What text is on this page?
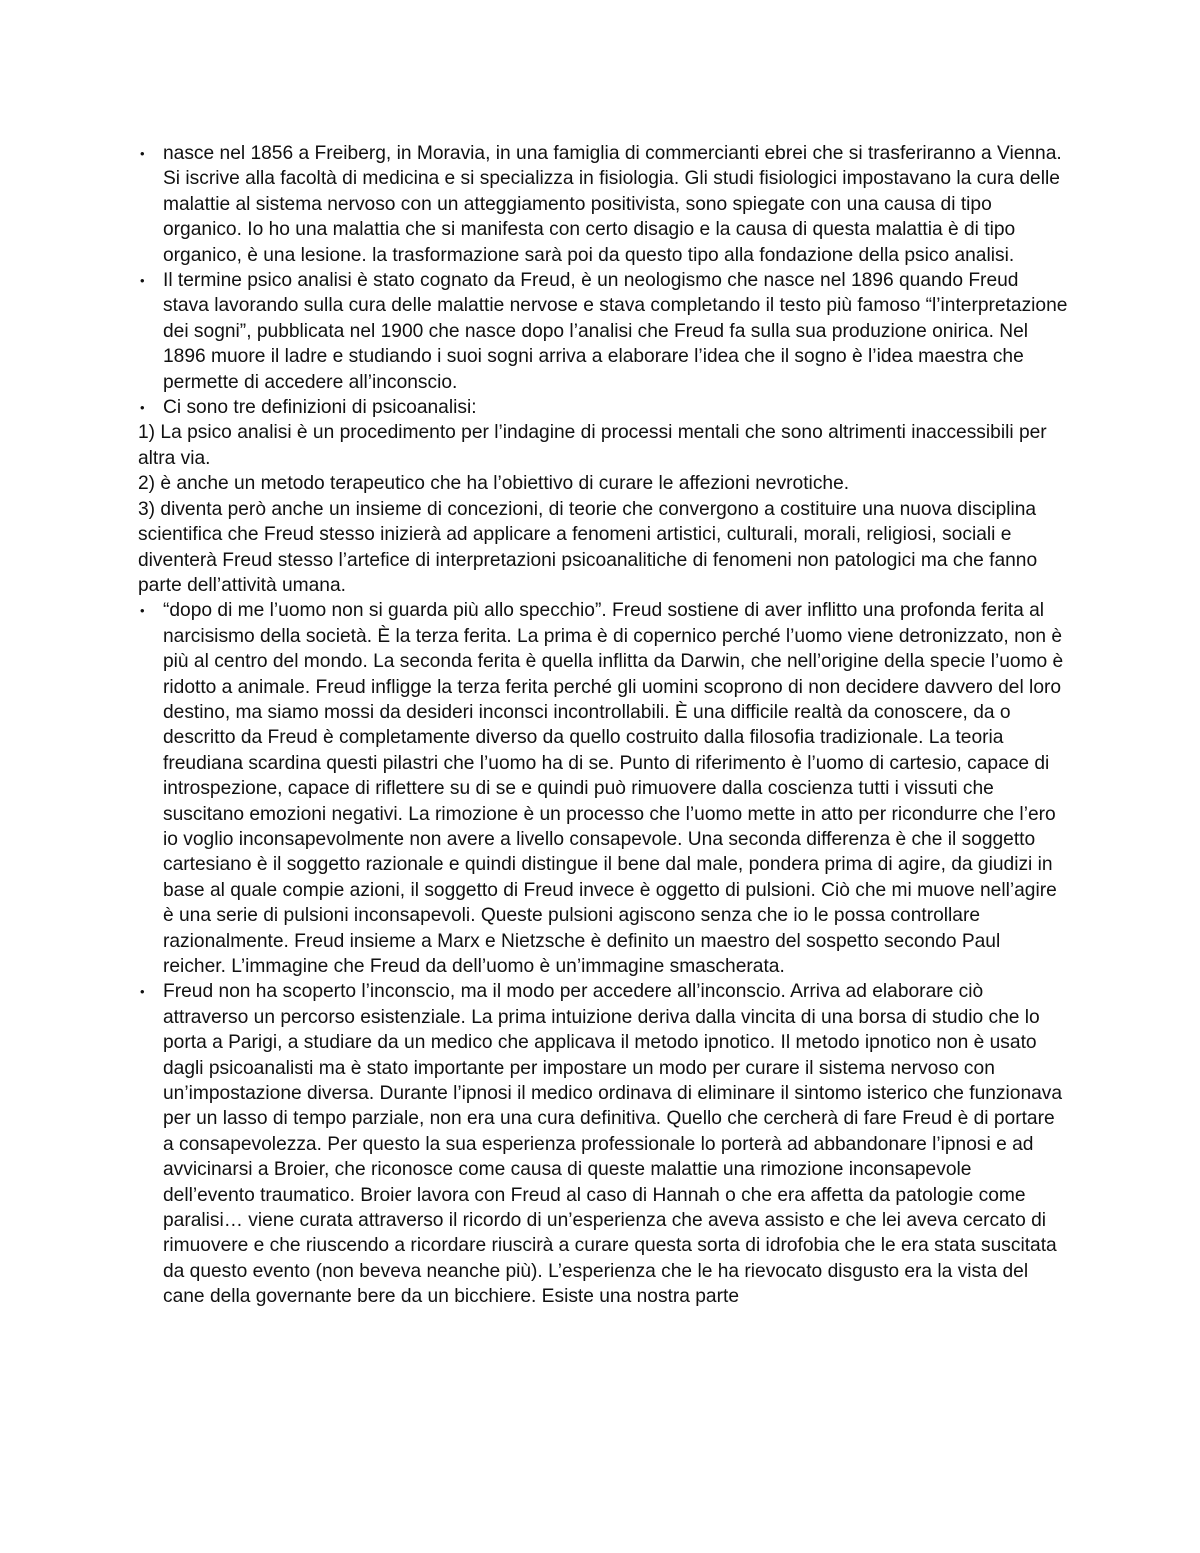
• nasce nel 1856 a Freiberg, in Moravia, in una famiglia di commercianti ebrei che si trasferiranno a Vienna. Si iscrive alla facoltà di medicina e si specializza in fisiologia. Gli studi fisiologici impostavano la cura delle malattie al sistema nervoso con un atteggiamento positivista, sono spiegate con una causa di tipo organico. Io ho una malattia che si manifesta con certo disagio e la causa di questa malattia è di tipo organico, è una lesione. la trasformazione sarà poi da questo tipo alla fondazione della psico analisi.
• Il termine psico analisi è stato cognato da Freud, è un neologismo che nasce nel 1896 quando Freud stava lavorando sulla cura delle malattie nervose e stava completando il testo più famoso “l’interpretazione dei sogni”, pubblicata nel 1900 che nasce dopo l’analisi che Freud fa sulla sua produzione onirica. Nel 1896 muore il ladre e studiando i suoi sogni arriva a elaborare l’idea che il sogno è l’idea maestra che permette di accedere all’inconscio.
• Ci sono tre definizioni di psicoanalisi:

1) La psico analisi è un procedimento per l’indagine di processi mentali che sono altrimenti inaccessibili per altra via.

2) è anche un metodo terapeutico che ha l’obiettivo di curare le affezioni nevrotiche.

3) diventa però anche un insieme di concezioni, di teorie che convergono a costituire una nuova disciplina scientifica che Freud stesso inizierà ad applicare a fenomeni artistici, culturali, morali, religiosi, sociali e diventerà Freud stesso l’artefice di interpretazioni psicoanalitiche di fenomeni non patologici ma che fanno parte dell’attività umana.

• “dopo di me l’uomo non si guarda più allo specchio”. Freud sostiene di aver inflitto una profonda ferita al narcisismo della società. È la terza ferita. La prima è di copernico perché l’uomo viene detronizzato, non è più al centro del mondo. La seconda ferita è quella inflitta da Darwin, che nell’origine della specie l’uomo è ridotto a animale. Freud infligge la terza ferita perché gli uomini scoprono di non decidere davvero del loro destino, ma siamo mossi da desideri inconsci incontrollabili. È una difficile realtà da conoscere, da o descritto da Freud è completamente diverso da quello costruito dalla filosofia tradizionale. La teoria freudiana scardina questi pilastri che l’uomo ha di se. Punto di riferimento è l’uomo di cartesio, capace di introspezione, capace di riflettere su di se e quindi può rimuovere dalla coscienza tutti i vissuti che suscitano emozioni negativi. La rimozione è un processo che l’uomo mette in atto per ricondurre che l’ero io voglio inconsapevolmente non avere a livello consapevole. Una seconda differenza è che il soggetto cartesiano è il soggetto razionale e quindi distingue il bene dal male, pondera prima di agire, da giudizi in base al quale compie azioni, il soggetto di Freud invece è oggetto di pulsioni. Ciò che mi muove nell’agire è una serie di pulsioni inconsapevoli. Queste pulsioni agiscono senza che io le possa controllare razionalmente. Freud insieme a Marx e Nietzsche è definito un maestro del sospetto secondo Paul reicher. L’immagine che Freud da dell’uomo è un’immagine smascherata.
• Freud non ha scoperto l’inconscio, ma il modo per accedere all’inconscio. Arriva ad elaborare ciò attraverso un percorso esistenziale. La prima intuizione deriva dalla vincita di una borsa di studio che lo porta a Parigi, a studiare da un medico che applicava il metodo ipnotico. Il metodo ipnotico non è usato dagli psicoanalisti ma è stato importante per impostare un modo per curare il sistema nervoso con un’impostazione diversa. Durante l’ipnosi il medico ordinava di eliminare il sintomo isterico che funzionava per un lasso di tempo parziale, non era una cura definitiva. Quello che cercherà di fare Freud è di portare a consapevolezza. Per questo la sua esperienza professionale lo porterà ad abbandonare l’ipnosi e ad avvicinarsi a Broier, che riconosce come causa di queste malattie una rimozione inconsapevole dell’evento traumatico. Broier lavora con Freud al caso di Hannah o che era affetta da patologie come paralisi… viene curata attraverso il ricordo di un’esperienza che aveva assisto e che lei aveva cercato di rimuovere e che riuscendo a ricordare riuscirà a curare questa sorta di idrofobia che le era stata suscitata da questo evento (non beveva neanche più). L’esperienza che le ha rievocato disgusto era la vista del cane della governante bere da un bicchiere. Esiste una nostra parte
